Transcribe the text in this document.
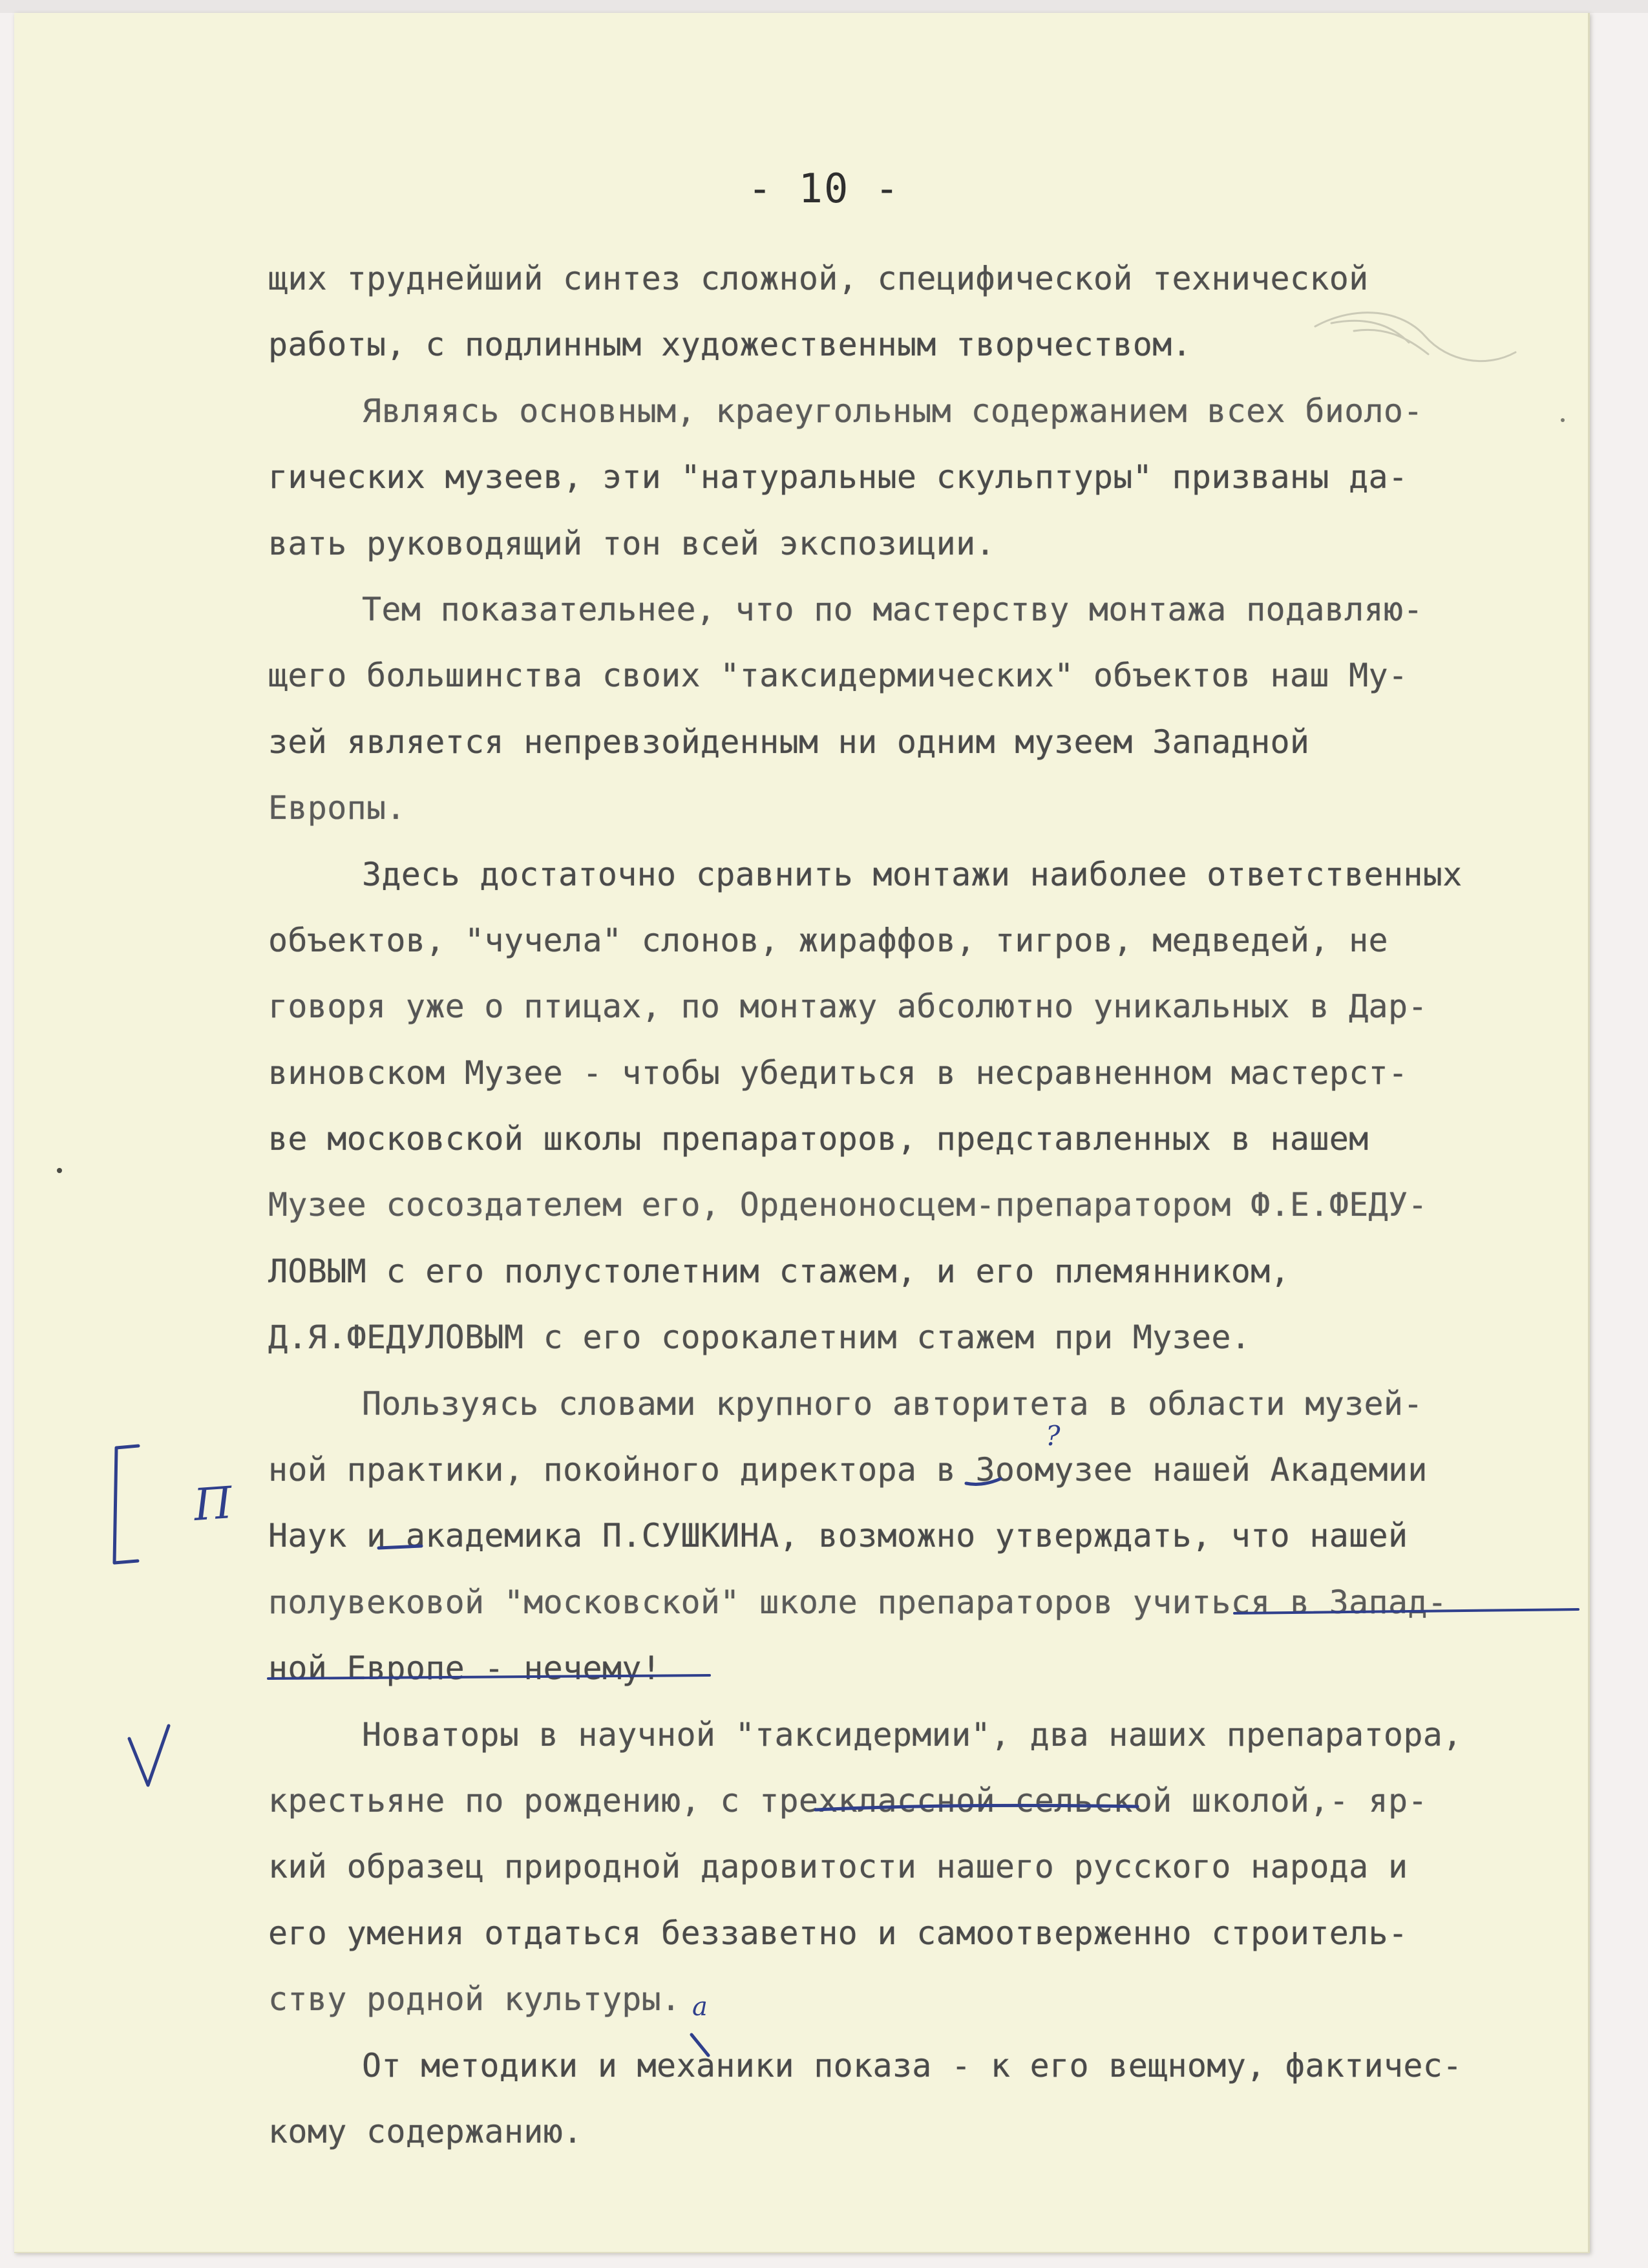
- 10 -
щих труднейший синтез сложной, специфической технической
работы, с подлинным художественным творчеством.
Являясь основным, краеугольным содержанием всех биоло-
гических музеев, эти "натуральные скульптуры" призваны да-
вать руководящий тон всей экспозиции.
Тем показательнее, что по мастерству монтажа подавляю-
щего большинства своих "таксидермических" объектов наш Му-
зей является непревзойденным ни одним музеем Западной
Европы.
Здесь достаточно сравнить монтажи наиболее ответственных
объектов, "чучела" слонов, жираффов, тигров, медведей, не
говоря уже о птицах, по монтажу абсолютно уникальных в Дар-
виновском Музее - чтобы убедиться в несравненном мастерст-
ве московской школы препараторов, представленных в нашем
Музее сосоздателем его, Орденоносцем-препаратором Ф.Е.ФЕДУ-
ЛОВЫМ с его полустолетним стажем, и его племянником,
Д.Я.ФЕДУЛОВЫМ с его сорокалетним стажем при Музее.
Пользуясь словами крупного авторитета в области музей-
ной практики, покойного директора в Зоомузее нашей Академии
Наук и академика П.СУШКИНА, возможно утверждать, что нашей
полувековой "московской" школе препараторов учиться в Запад-
ной Европе - нечему!
Новаторы в научной "таксидермии", два наших препаратора,
крестьяне по рождению, с трехклассной сельской школой,- яр-
кий образец природной даровитости нашего русского народа и
его умения отдаться беззаветно и самоотверженно строитель-
ству родной культуры.
От методики и механики показа - к его вещному, фактичес-
кому содержанию.
а
?
П
